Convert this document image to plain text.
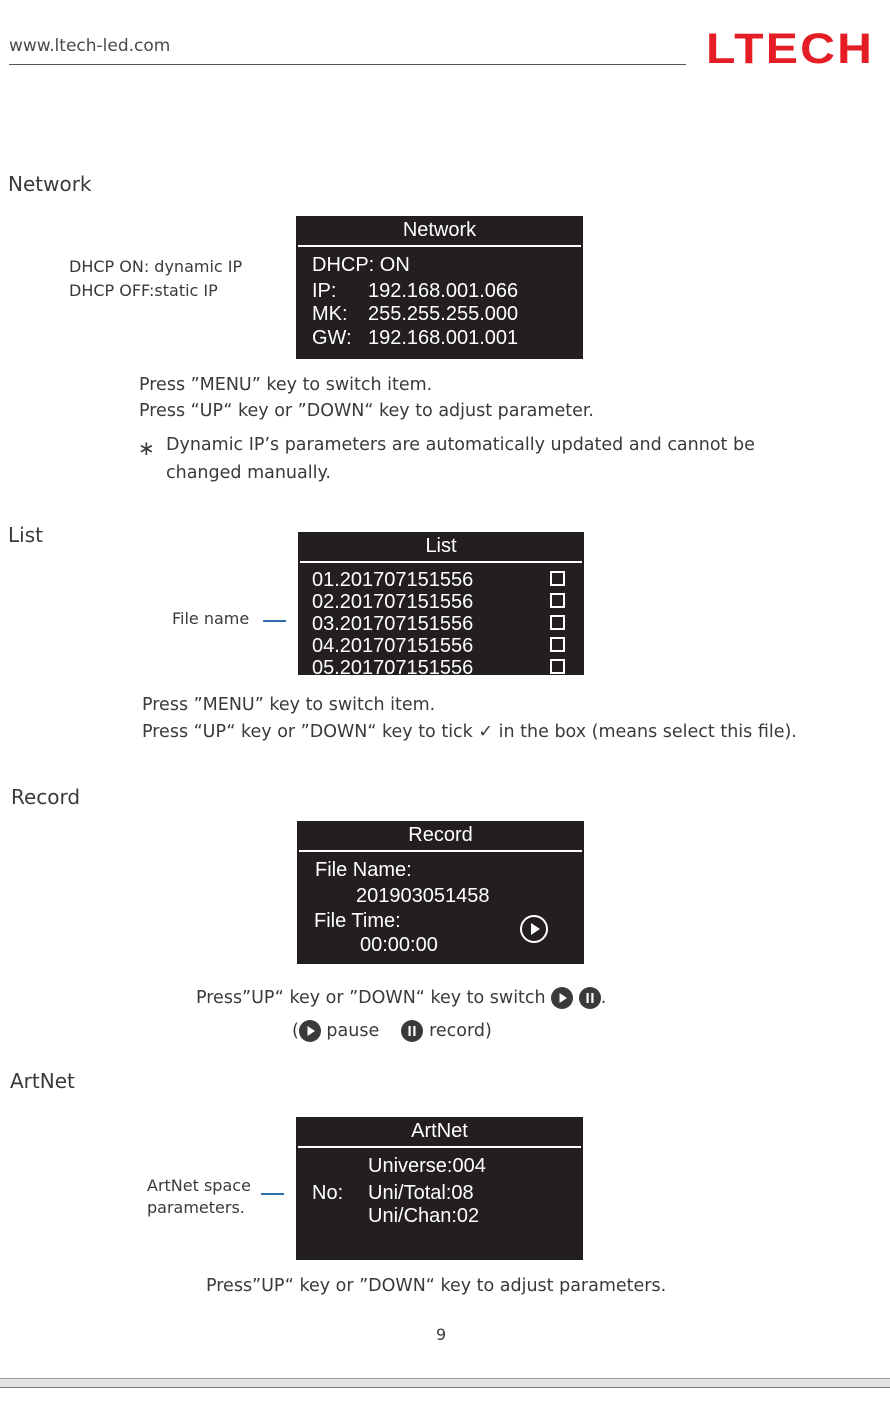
www.ltech-led.com	LTECH
Network
DHCP ON: dynamic IP
DHCP OFF:static IP
Network
DHCP: ON
IP: 192.168.001.066
MK: 255.255.255.000
GW: 192.168.001.001
Press ”MENU” key to switch item.
Press “UP“ key or ”DOWN“ key to adjust parameter.
∗ Dynamic IP’s parameters are automatically updated and cannot be
changed manually.
List
File name
List
01.201707151556
02.201707151556
03.201707151556
04.201707151556
05.201707151556
Press ”MENU” key to switch item.
Press “UP“ key or ”DOWN“ key to tick ✓ in the box (means select this file).
Record
Record
File Name:
201903051458
File Time:
00:00:00
Press”UP“ key or ”DOWN“ key to switch
	.
( pause	record)
ArtNet
ArtNet space
parameters.
ArtNet
Universe:004
No: Uni/Total:08
Uni/Chan:02
Press”UP“ key or ”DOWN“ key to adjust parameters.
9
